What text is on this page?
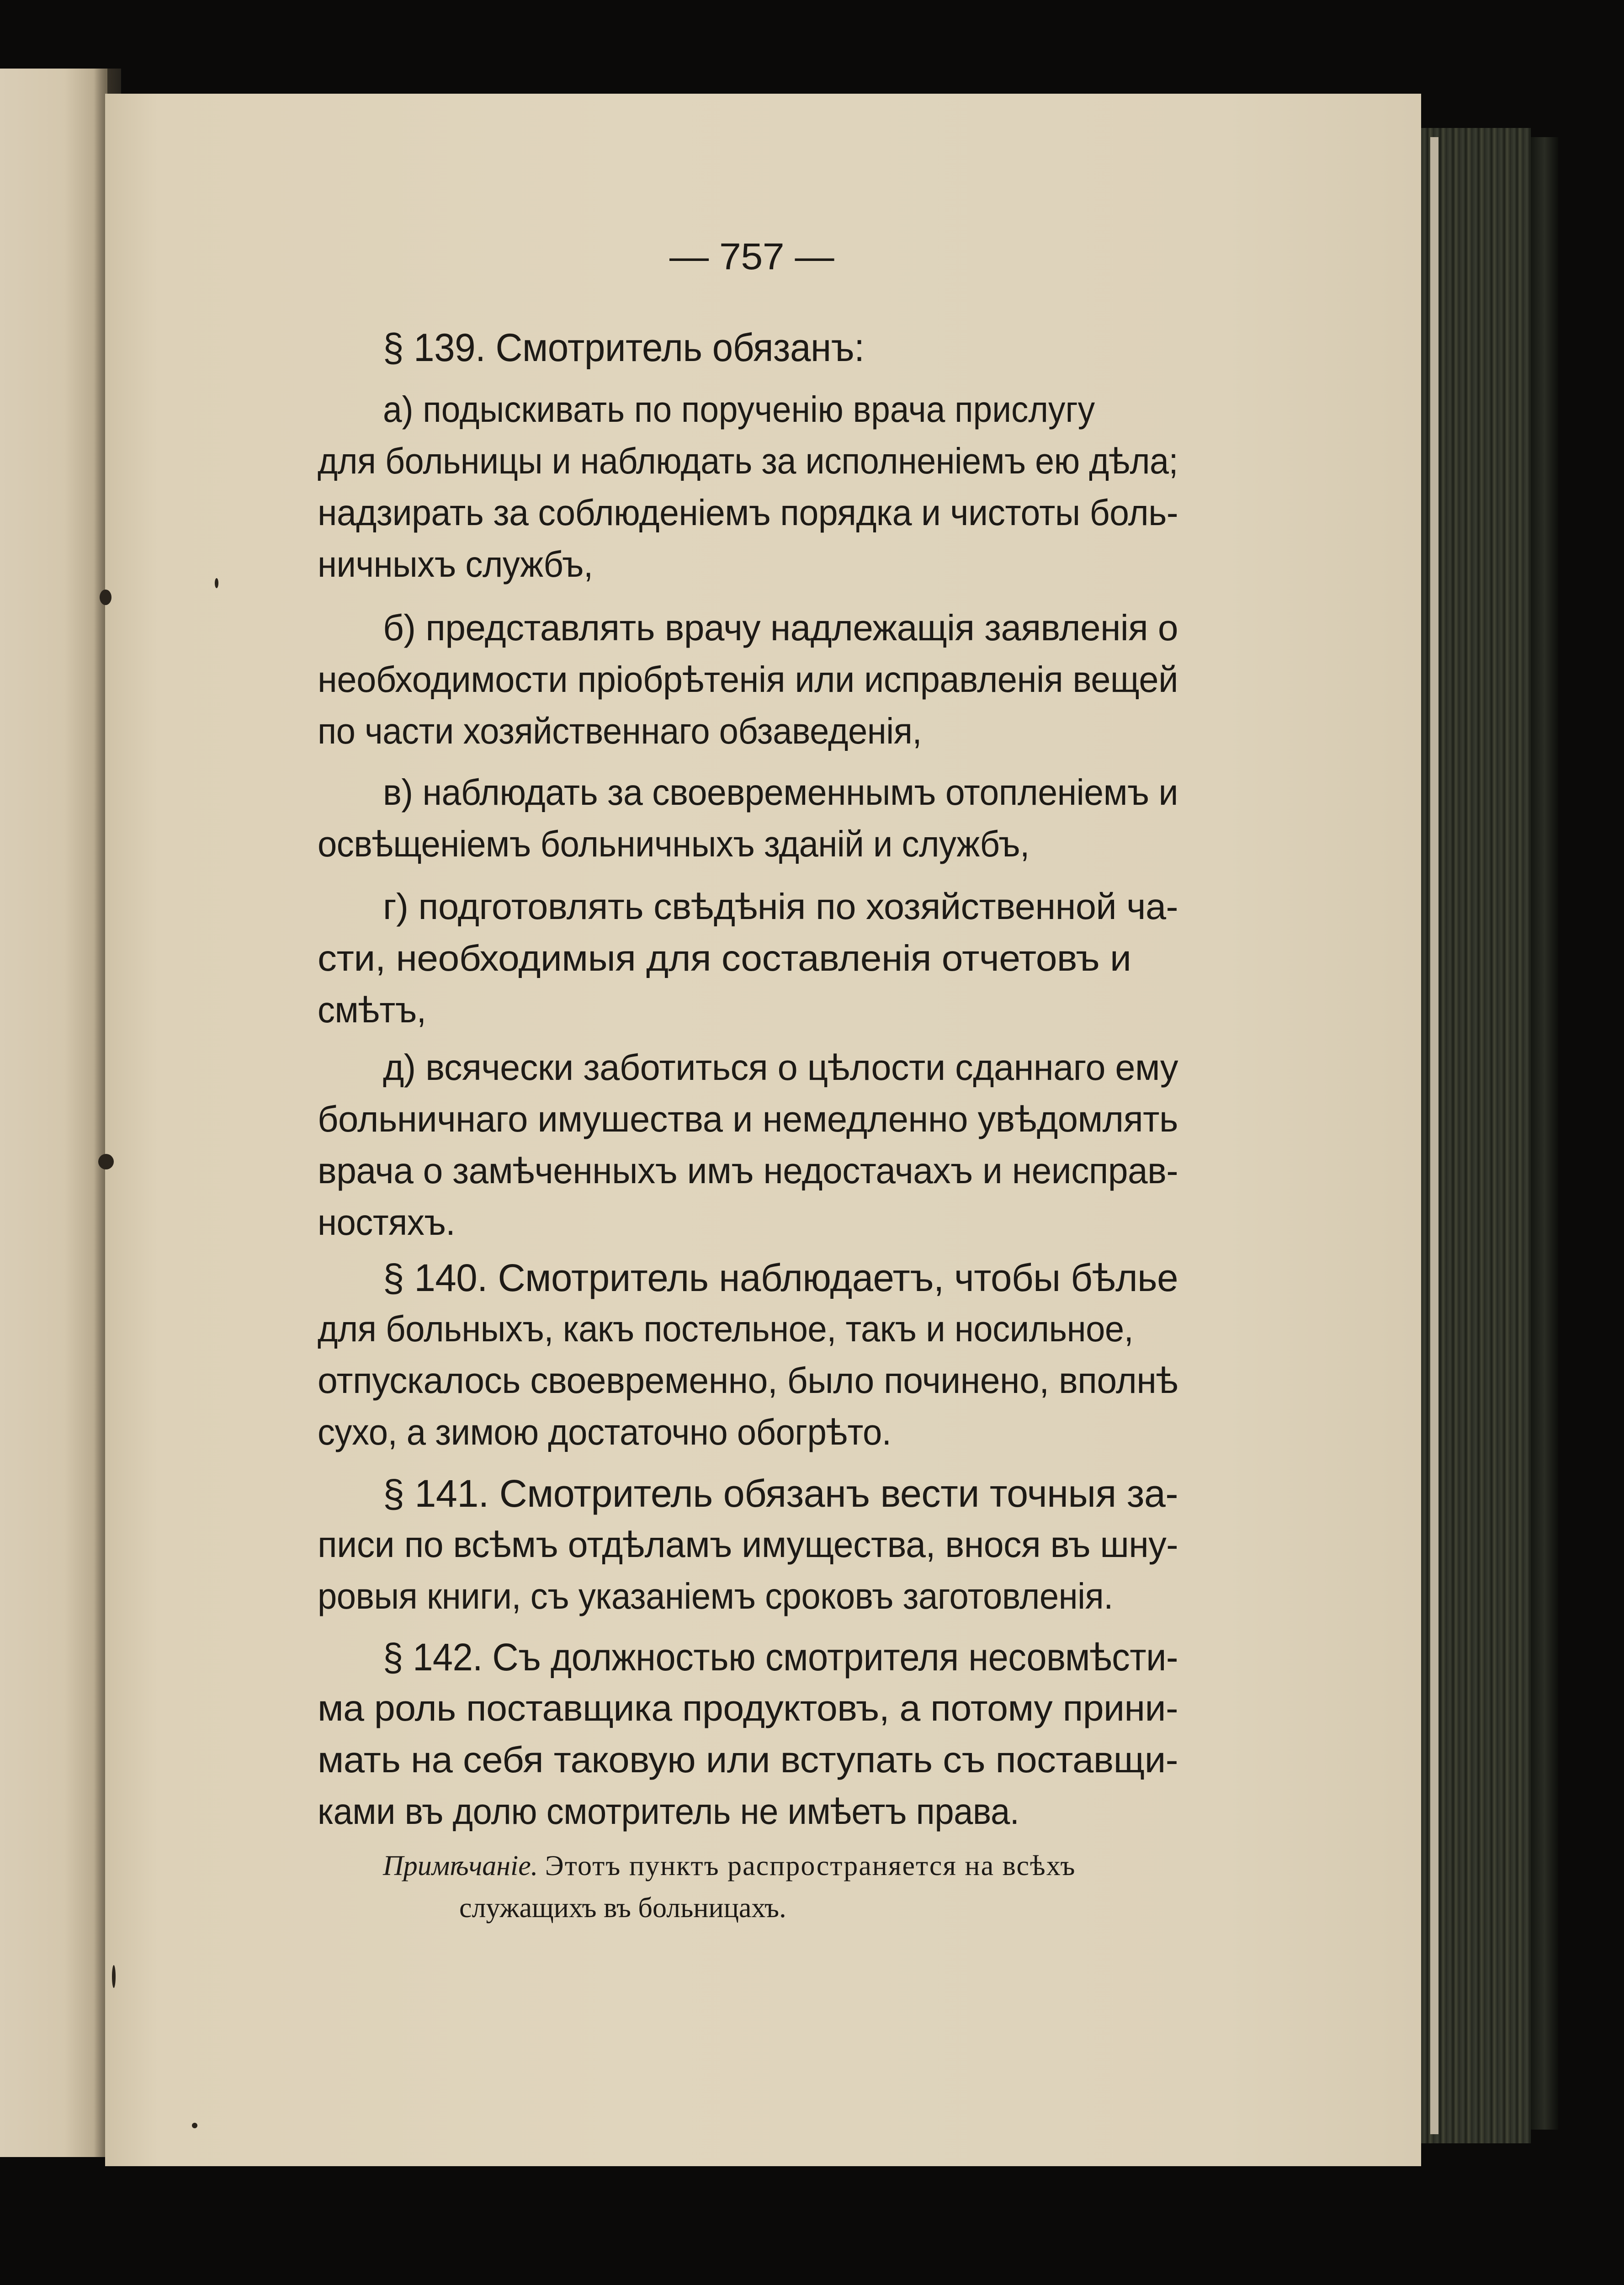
— 757 —
§ 139. Смотритель обязанъ:
а) подыскивать по порученію врача прислугу
для больницы и наблюдать за исполненіемъ ею дѣла;
надзирать за соблюденіемъ порядка и чистоты боль-
ничныхъ службъ,
б) представлять врачу надлежащія заявленія о
необходимости пріобрѣтенія или исправленія вещей
по части хозяйственнаго обзаведенія,
в) наблюдать за своевременнымъ отопленіемъ и
освѣщеніемъ больничныхъ зданій и службъ,
г) подготовлять свѣдѣнія по хозяйственной ча-
сти, необходимыя для составленія отчетовъ и
смѣтъ,
д) всячески заботиться о цѣлости сданнаго ему
больничнаго имушества и немедленно увѣдомлять
врача о замѣченныхъ имъ недостачахъ и неисправ-
ностяхъ.
§ 140. Смотритель наблюдаетъ, чтобы бѣлье
для больныхъ, какъ постельное, такъ и носильное,
отпускалось своевременно, было починено, вполнѣ
сухо, а зимою достаточно обогрѣто.
§ 141. Смотритель обязанъ вести точныя за-
писи по всѣмъ отдѣламъ имущества, внося въ шну-
ровыя книги, съ указаніемъ сроковъ заготовленія.
§ 142. Съ должностью смотрителя несовмѣсти-
ма роль поставщика продуктовъ, а потому прини-
мать на себя таковую или вступать съ поставщи-
ками въ долю смотритель не имѣетъ права.
Примѣчаніе. Этотъ пунктъ распространяется на всѣхъ
служащихъ въ больницахъ.
